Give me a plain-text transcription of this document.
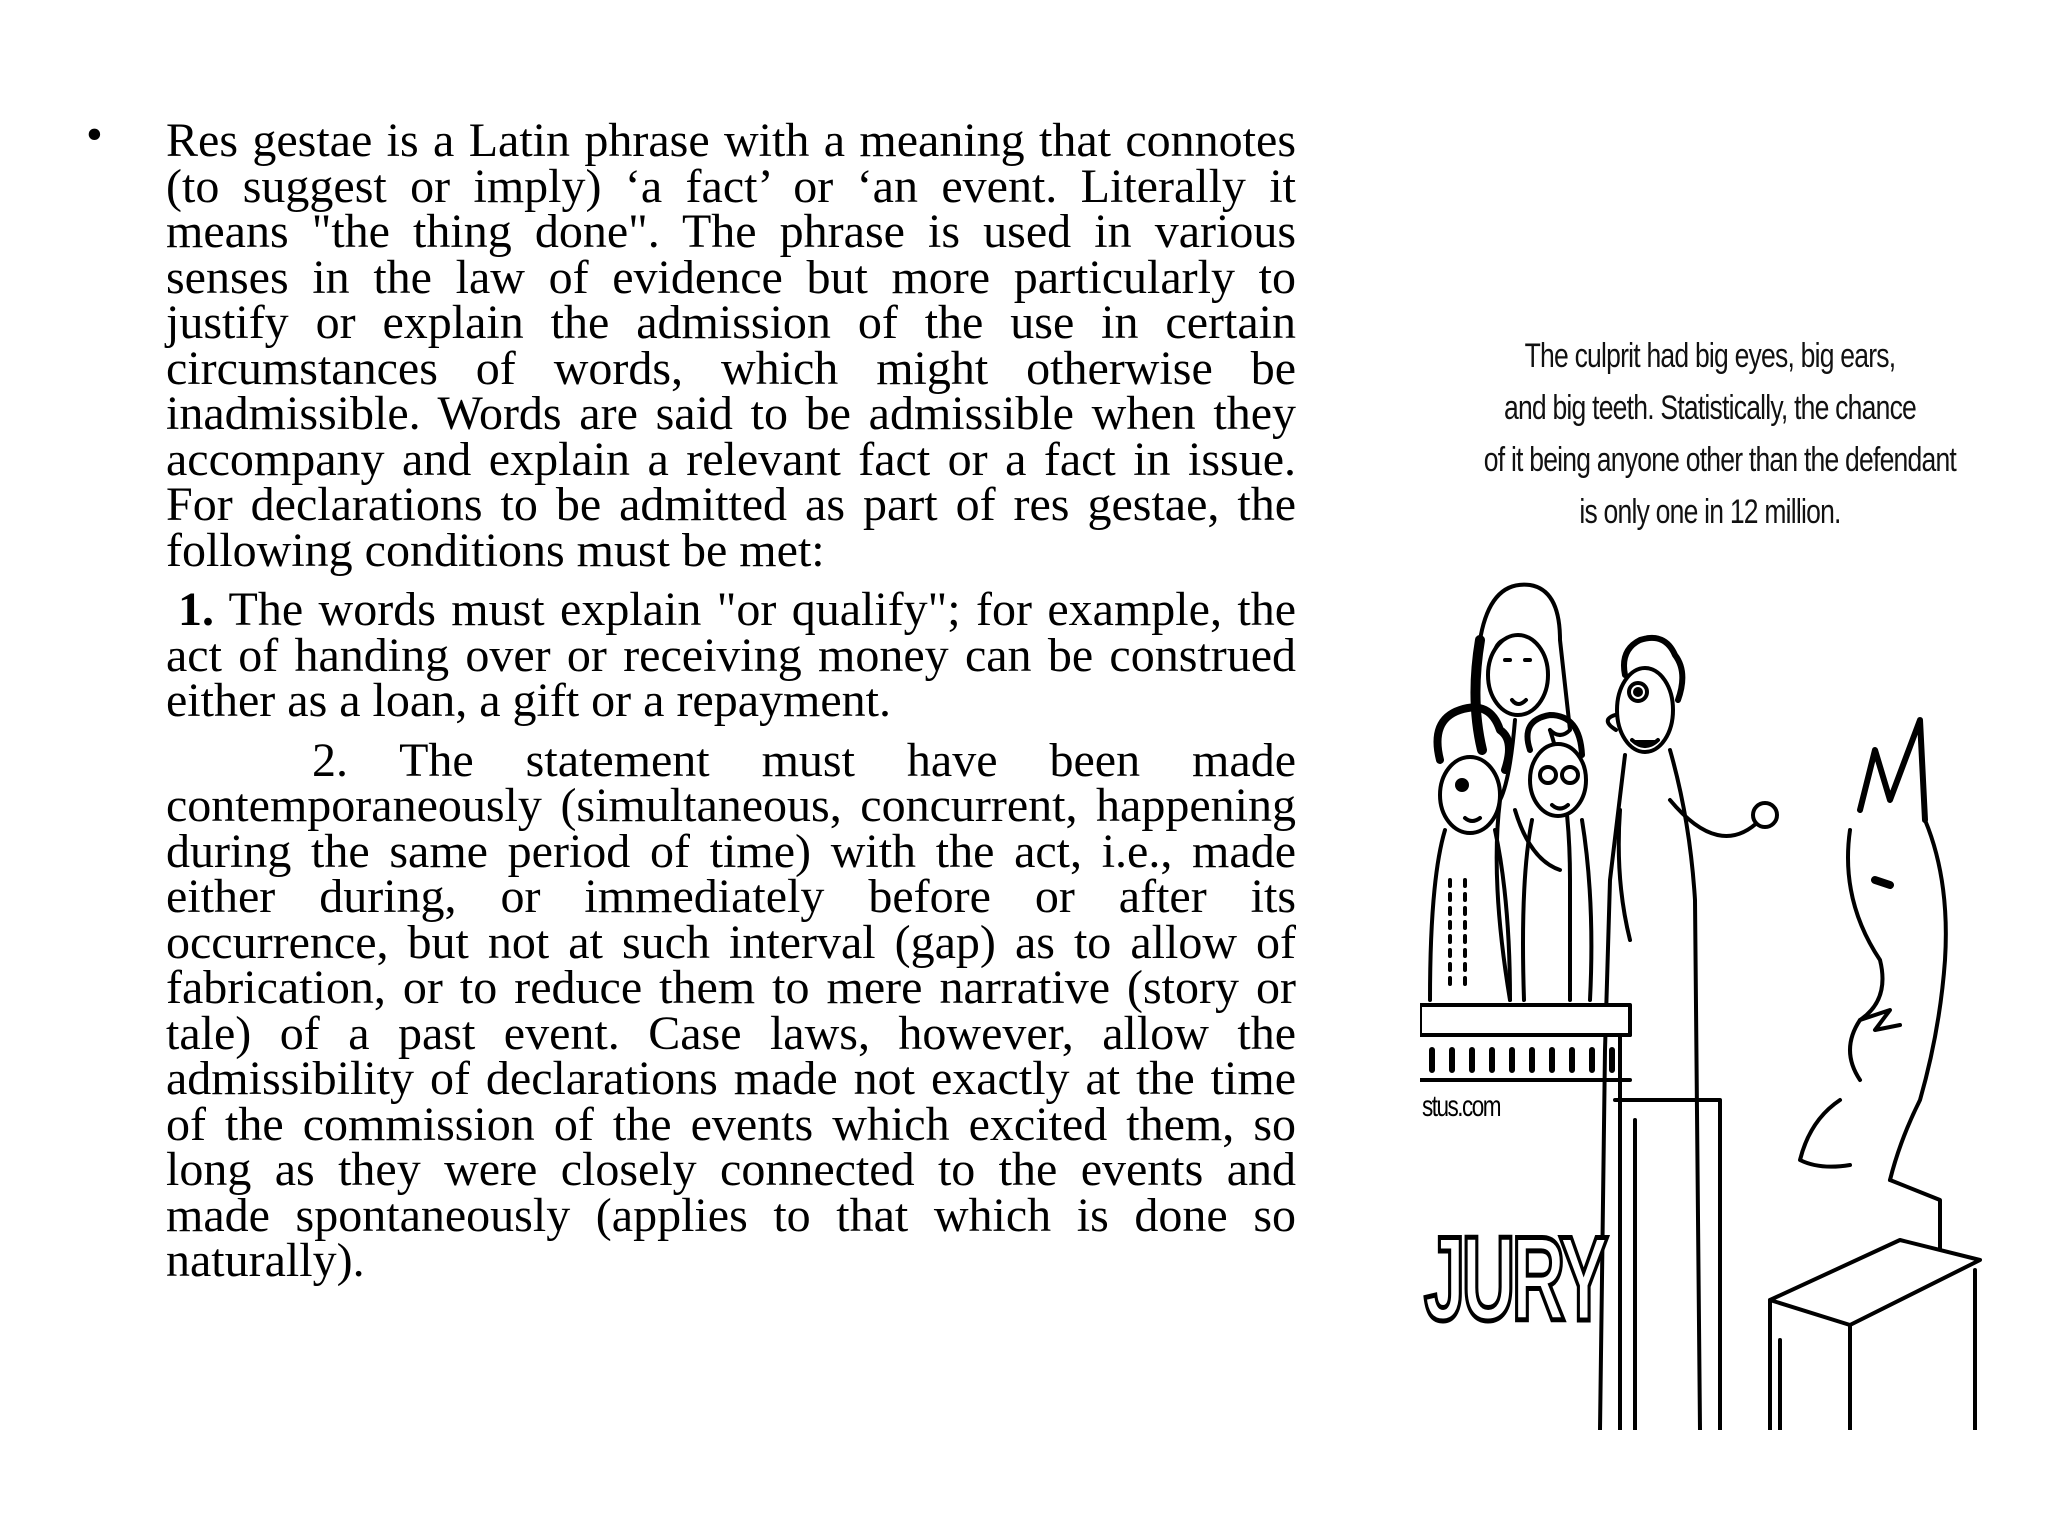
• Res gestae is a Latin phrase with a meaning that connotes (to suggest or imply) ‘a fact’ or ‘an event. Literally it means "the thing done". The phrase is used in various senses in the law of evidence but more particularly to justify or explain the admission of the use in certain circumstances of words, which might otherwise be inadmissible. Words are said to be admissible when they accompany and explain a relevant fact or a fact in issue. For declarations to be admitted as part of res gestae, the following conditions must be met:

1. The words must explain "or qualify"; for example, the act of handing over or receiving money can be construed either as a loan, a gift or a repayment.

2. The statement must have been made contemporaneously (simultaneous, concurrent, happening during the same period of time) with the act, i.e., made either during, or immediately before or after its occurrence, but not at such interval (gap) as to allow of fabrication, or to reduce them to mere narrative (story or tale) of a past event. Case laws, however, allow the admissibility of declarations made not exactly at the time of the commission of the events which excited them, so long as they were closely connected to the events and made spontaneously (applies to that which is done so naturally).

The culprit had big eyes, big ears,
and big teeth. Statistically, the chance
of it being anyone other than the defendant
is only one in 12 million.
stus.com
JURY
